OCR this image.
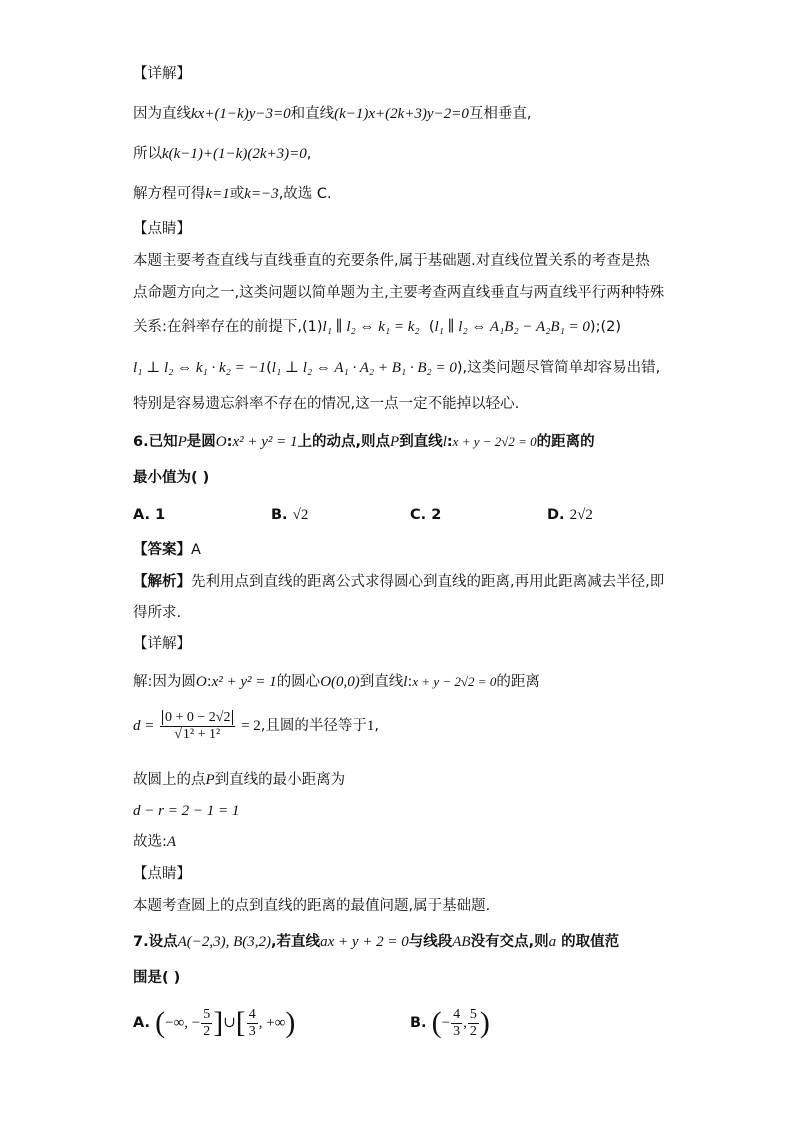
【详解】
因为直线kx+(1−k)y−3=0和直线(k−1)x+(2k+3)y−2=0互相垂直,
所以k(k−1)+(1−k)(2k+3)=0,
解方程可得k=1或k=−3,故选 C.
【点睛】
本题主要考查直线与直线垂直的充要条件,属于基础题.对直线位置关系的考查是热
点命题方向之一,这类问题以简单题为主,主要考查两直线垂直与两直线平行两种特殊
关系:在斜率存在的前提下,(1)l₁ ∥ l₂ ⇔ k₁ = k₂ (l₁ ∥ l₂ ⇔ A₁B₂ − A₂B₁ = 0);(2)
l₁ ⊥ l₂ ⇔ k₁ · k₂ = −1(l₁ ⊥ l₂ ⇔ A₁ · A₂ + B₁ · B₂ = 0),这类问题尽管简单却容易出错,
特别是容易遗忘斜率不存在的情况,这一点一定不能掉以轻心.
6.已知P是圆O:x² + y² = 1上的动点,则点P到直线l:x + y − 2√2 = 0的距离的
最小值为( )
A. 1	B. √2	C. 2	D. 2√2
【答案】A
【解析】先利用点到直线的距离公式求得圆心到直线的距离,再用此距离减去半径,即
得所求.
【详解】
解:因为圆O:x² + y² = 1的圆心O(0,0)到直线l:x + y − 2√2 = 0的距离
$d = \frac{0 + 0 - 2√2}{\text{√1² + 1²}} = 2$,且圆的半径等于1,
故圆上的点P到直线的最小距离为
d − r = 2 − 1 = 1
故选:A
【点睛】
本题考查圆上的点到直线的距离的最值问题,属于基础题.
7.设点A(−2,3), B(3,2),若直线ax + y + 2 = 0与线段AB没有交点,则a 的取值范
围是( )
A. (−∞, − $\frac{5}{2}$ ]∪[ $\frac{4}{3}$ , +∞)	B. (− $\frac{4}{3}$ , $\frac{5}{2}$ )
